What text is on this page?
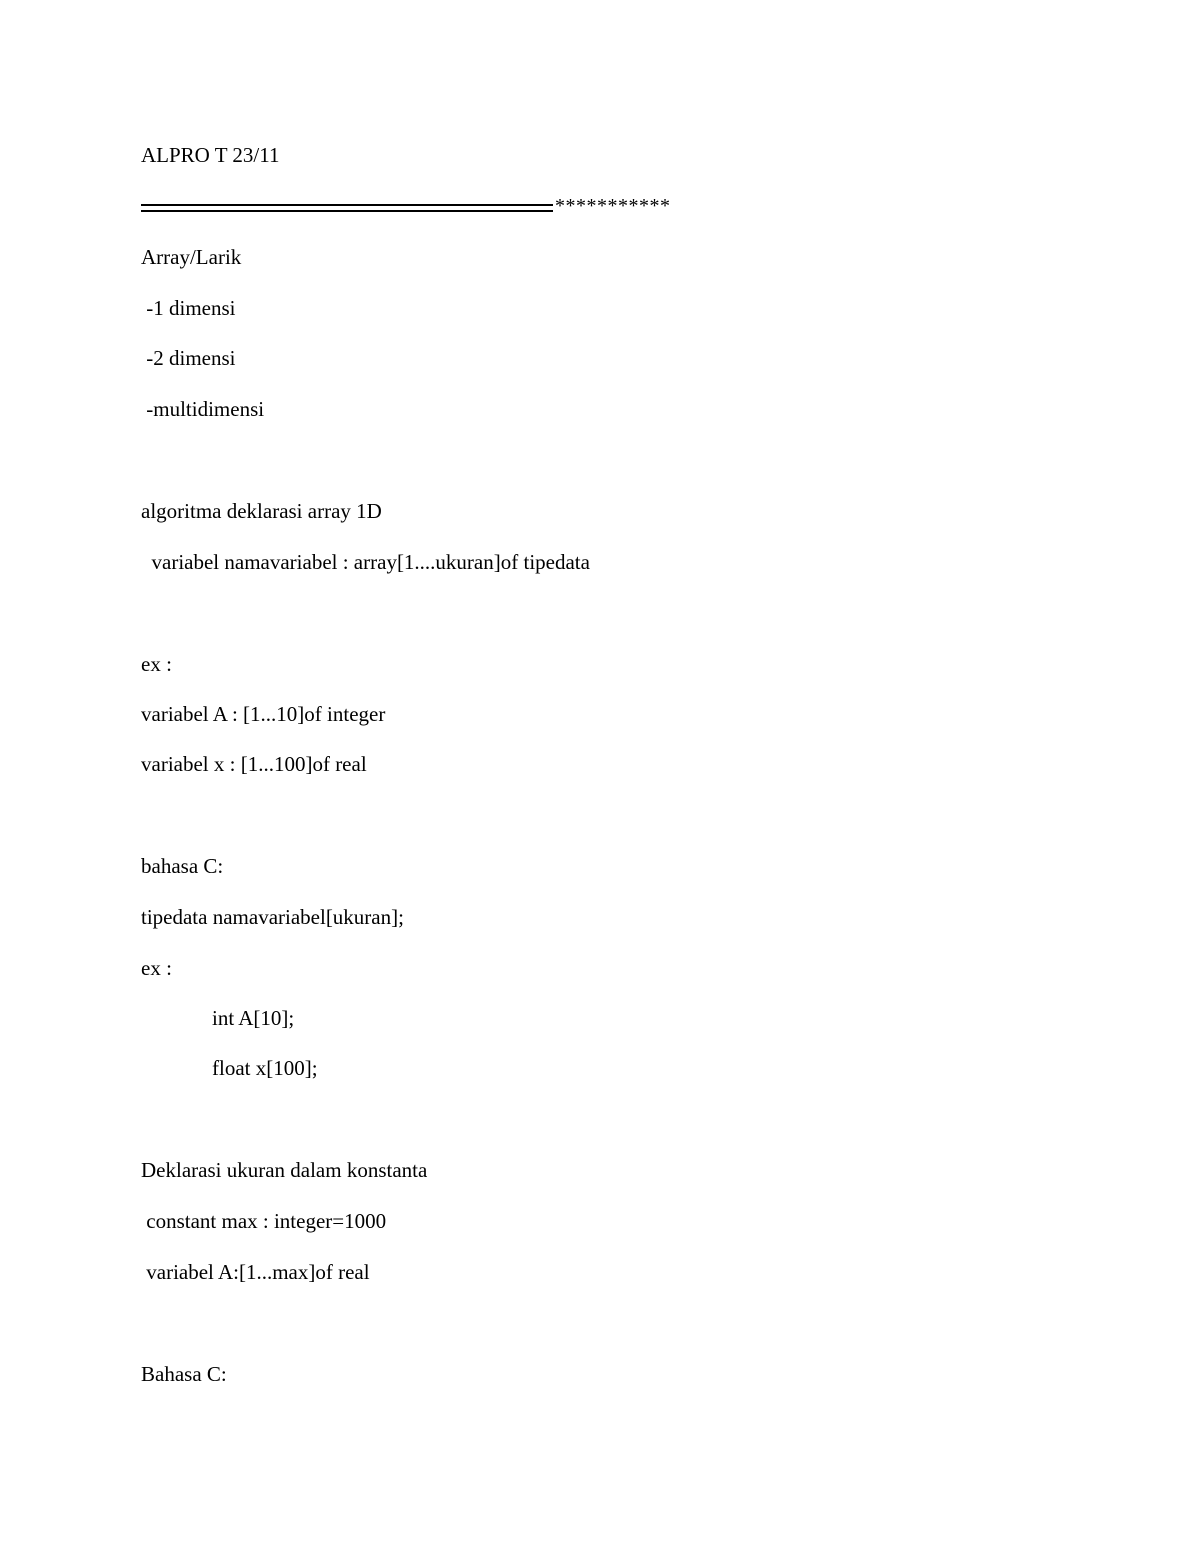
ALPRO T 23/11
***********
Array/Larik
-1 dimensi
-2 dimensi
-multidimensi
algoritma deklarasi array 1D
variabel namavariabel : array[1....ukuran]of tipedata
ex :
variabel A : [1...10]of integer
variabel x : [1...100]of real
bahasa C:
tipedata namavariabel[ukuran];
ex :
int A[10];
float x[100];
Deklarasi ukuran dalam konstanta
constant max : integer=1000
variabel A:[1...max]of real
Bahasa C:
